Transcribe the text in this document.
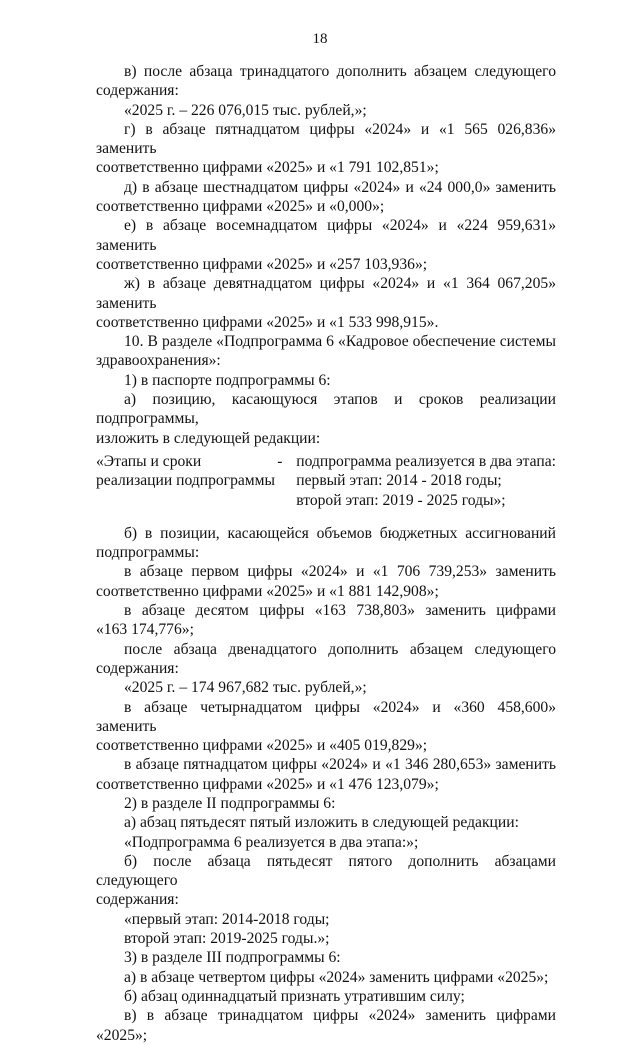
18
в) после абзаца тринадцатого дополнить абзацем следующего
содержания:
«2025 г. – 226 076,015 тыс. рублей,»;
г) в абзаце пятнадцатом цифры «2024» и «1 565 026,836» заменить
соответственно цифрами «2025» и «1 791 102,851»;
д) в абзаце шестнадцатом цифры «2024» и «24 000,0» заменить
соответственно цифрами «2025» и «0,000»;
е) в абзаце восемнадцатом цифры «2024» и «224 959,631» заменить
соответственно цифрами «2025» и «257 103,936»;
ж) в абзаце девятнадцатом цифры «2024» и «1 364 067,205» заменить
соответственно цифрами «2025» и «1 533 998,915».
10. В разделе «Подпрограмма 6 «Кадровое обеспечение системы
здравоохранения»:
1) в паспорте подпрограммы 6:
а) позицию, касающуюся этапов и сроков реализации подпрограммы,
изложить в следующей редакции:
«Этапы и сроки
реализации подпрограммы
- подпрограмма реализуется в два этапа:
первый этап: 2014 - 2018 годы;
второй этап: 2019 - 2025 годы»;
б) в позиции, касающейся объемов бюджетных ассигнований
подпрограммы:
в абзаце первом цифры «2024» и «1 706 739,253» заменить
соответственно цифрами «2025» и «1 881 142,908»;
в абзаце десятом цифры «163 738,803» заменить цифрами
«163 174,776»;
после абзаца двенадцатого дополнить абзацем следующего
содержания:
«2025 г. – 174 967,682 тыс. рублей,»;
в абзаце четырнадцатом цифры «2024» и «360 458,600» заменить
соответственно цифрами «2025» и «405 019,829»;
в абзаце пятнадцатом цифры «2024» и «1 346 280,653» заменить
соответственно цифрами «2025» и «1 476 123,079»;
2) в разделе II подпрограммы 6:
а) абзац пятьдесят пятый изложить в следующей редакции:
«Подпрограмма 6 реализуется в два этапа:»;
б) после абзаца пятьдесят пятого дополнить абзацами следующего
содержания:
«первый этап: 2014-2018 годы;
второй этап: 2019-2025 годы.»;
3) в разделе III подпрограммы 6:
а) в абзаце четвертом цифры «2024» заменить цифрами «2025»;
б) абзац одиннадцатый признать утратившим силу;
в) в абзаце тринадцатом цифры «2024» заменить цифрами «2025»;
